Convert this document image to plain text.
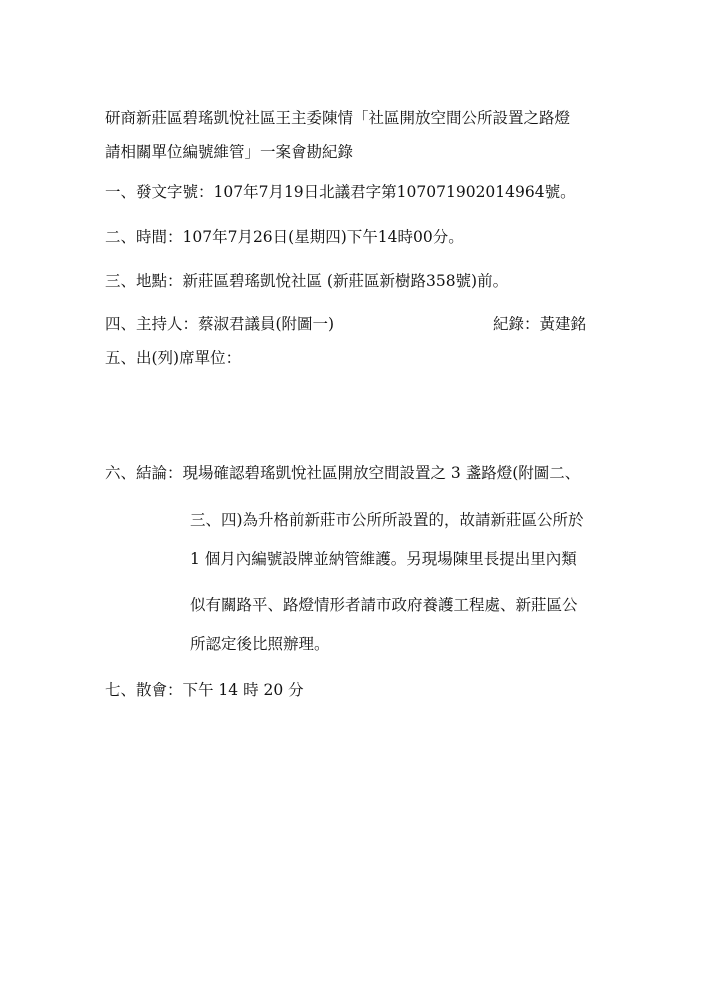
研商新莊區碧瑤凱悅社區王主委陳情「社區開放空間公所設置之路燈
請相關單位編號維管」一案會勘紀錄
一、發文字號：107年7月19日北議君字第107071902014964號。
二、時間：107年7月26日(星期四)下午14時00分。
三、地點：新莊區碧瑤凱悅社區 (新莊區新樹路358號)前。
四、主持人：蔡淑君議員(附圖一)	紀錄：黃建銘
五、出(列)席單位：
六、結論：現場確認碧瑤凱悅社區開放空間設置之 3 盞路燈(附圖二、
三、四)為升格前新莊市公所所設置的，故請新莊區公所於
1 個月內編號設牌並納管維護。另現場陳里長提出里內類
似有關路平、路燈情形者請市政府養護工程處、新莊區公
所認定後比照辦理。
七、散會：下午 14 時 20 分
